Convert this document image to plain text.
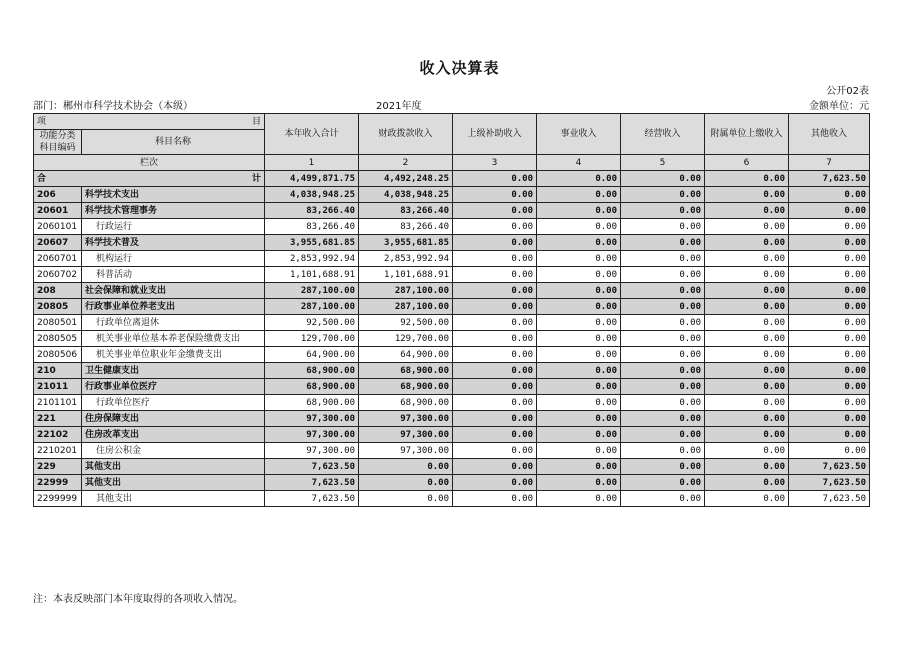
收入决算表
公开02表
部门：郴州市科学技术协会（本级）	2021年度	金额单位：元
项 目		本年收入合计	财政拨款收入	上级补助收入	事业收入	经营收入	附属单位上缴收入	其他收入
功能分类科目编码	科目名称							
栏次		1	2	3	4	5	6	7
合 计		4,499,871.75	4,492,248.25	0.00	0.00	0.00	0.00	7,623.50
206	科学技术支出	4,038,948.25	4,038,948.25	0.00	0.00	0.00	0.00	0.00
20601	科学技术管理事务	83,266.40	83,266.40	0.00	0.00	0.00	0.00	0.00
2060101	行政运行	83,266.40	83,266.40	0.00	0.00	0.00	0.00	0.00
20607	科学技术普及	3,955,681.85	3,955,681.85	0.00	0.00	0.00	0.00	0.00
2060701	机构运行	2,853,992.94	2,853,992.94	0.00	0.00	0.00	0.00	0.00
2060702	科普活动	1,101,688.91	1,101,688.91	0.00	0.00	0.00	0.00	0.00
208	社会保障和就业支出	287,100.00	287,100.00	0.00	0.00	0.00	0.00	0.00
20805	行政事业单位养老支出	287,100.00	287,100.00	0.00	0.00	0.00	0.00	0.00
2080501	行政单位离退休	92,500.00	92,500.00	0.00	0.00	0.00	0.00	0.00
2080505	机关事业单位基本养老保险缴费支出	129,700.00	129,700.00	0.00	0.00	0.00	0.00	0.00
2080506	机关事业单位职业年金缴费支出	64,900.00	64,900.00	0.00	0.00	0.00	0.00	0.00
210	卫生健康支出	68,900.00	68,900.00	0.00	0.00	0.00	0.00	0.00
21011	行政事业单位医疗	68,900.00	68,900.00	0.00	0.00	0.00	0.00	0.00
2101101	行政单位医疗	68,900.00	68,900.00	0.00	0.00	0.00	0.00	0.00
221	住房保障支出	97,300.00	97,300.00	0.00	0.00	0.00	0.00	0.00
22102	住房改革支出	97,300.00	97,300.00	0.00	0.00	0.00	0.00	0.00
2210201	住房公积金	97,300.00	97,300.00	0.00	0.00	0.00	0.00	0.00
229	其他支出	7,623.50	0.00	0.00	0.00	0.00	0.00	7,623.50
22999	其他支出	7,623.50	0.00	0.00	0.00	0.00	0.00	7,623.50
2299999	其他支出	7,623.50	0.00	0.00	0.00	0.00	0.00	7,623.50
注：本表反映部门本年度取得的各项收入情况。
